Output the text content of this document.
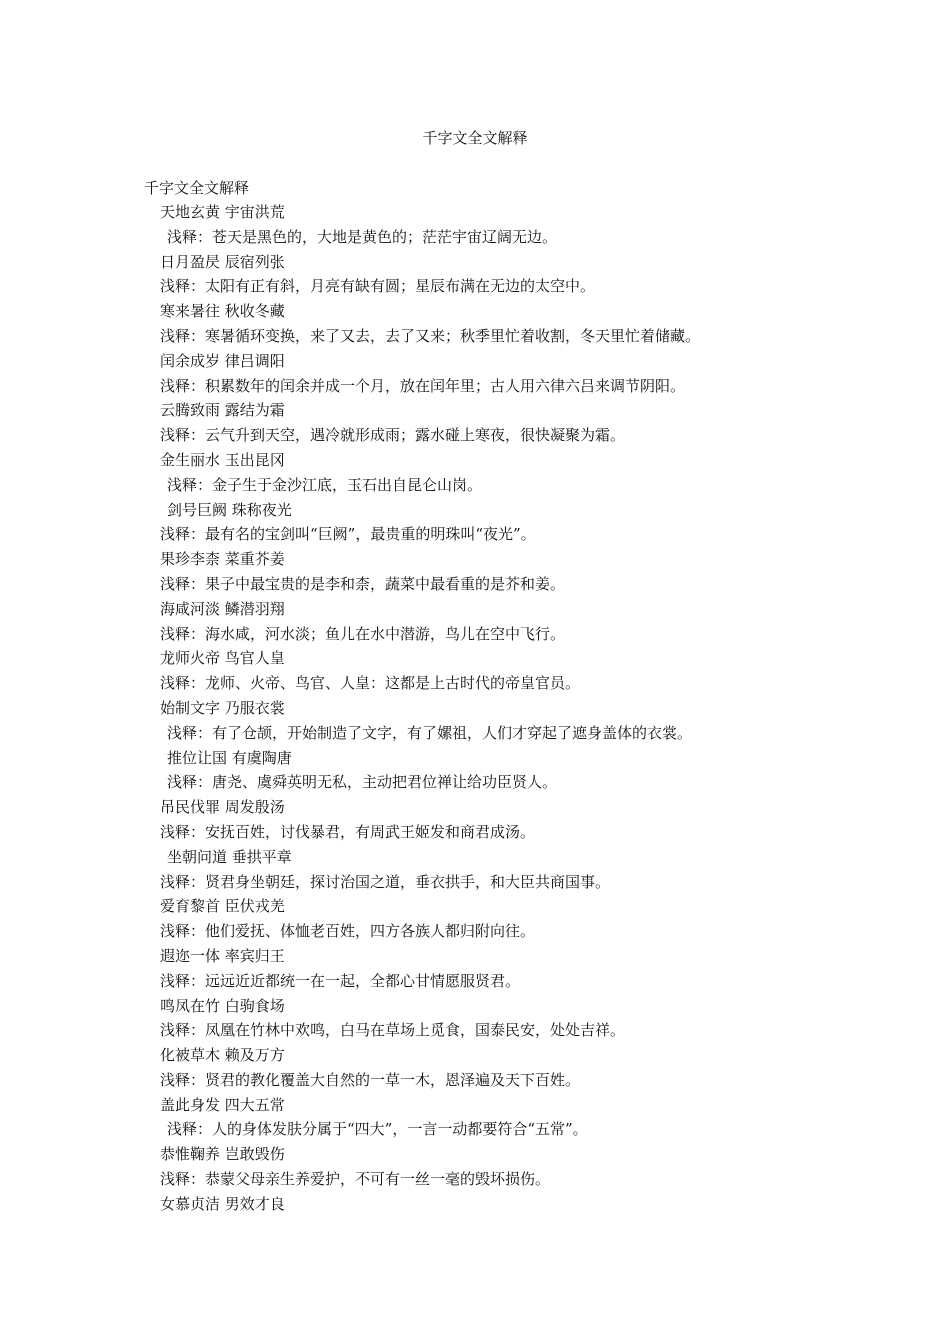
千字文全文解释
千字文全文解释
天地玄黄 宇宙洪荒
浅释：苍天是黑色的，大地是黄色的；茫茫宇宙辽阔无边。
日月盈昃 辰宿列张
浅释：太阳有正有斜，月亮有缺有圆；星辰布满在无边的太空中。
寒来暑往 秋收冬藏
浅释：寒暑循环变换，来了又去，去了又来；秋季里忙着收割，冬天里忙着储藏。
闰余成岁 律吕调阳
浅释：积累数年的闰余并成一个月，放在闰年里；古人用六律六吕来调节阴阳。
云腾致雨 露结为霜
浅释：云气升到天空，遇冷就形成雨；露水碰上寒夜，很快凝聚为霜。
金生丽水 玉出昆冈
浅释：金子生于金沙江底，玉石出自昆仑山岗。
剑号巨阙 珠称夜光
浅释：最有名的宝剑叫“巨阙”，最贵重的明珠叫“夜光”。
果珍李柰 菜重芥姜
浅释：果子中最宝贵的是李和柰，蔬菜中最看重的是芥和姜。
海咸河淡 鳞潜羽翔
浅释：海水咸，河水淡；鱼儿在水中潜游，鸟儿在空中飞行。
龙师火帝 鸟官人皇
浅释：龙师、火帝、鸟官、人皇：这都是上古时代的帝皇官员。
始制文字 乃服衣裳
浅释：有了仓颉，开始制造了文字，有了嫘祖，人们才穿起了遮身盖体的衣裳。
推位让国 有虞陶唐
浅释：唐尧、虞舜英明无私，主动把君位禅让给功臣贤人。
吊民伐罪 周发殷汤
浅释：安抚百姓，讨伐暴君，有周武王姬发和商君成汤。
坐朝问道 垂拱平章
浅释：贤君身坐朝廷，探讨治国之道，垂衣拱手，和大臣共商国事。
爱育黎首 臣伏戎羌
浅释：他们爱抚、体恤老百姓，四方各族人都归附向往。
遐迩一体 率宾归王
浅释：远远近近都统一在一起，全都心甘情愿服贤君。
鸣凤在竹 白驹食场
浅释：凤凰在竹林中欢鸣，白马在草场上觅食，国泰民安，处处吉祥。
化被草木 赖及万方
浅释：贤君的教化覆盖大自然的一草一木，恩泽遍及天下百姓。
盖此身发 四大五常
浅释：人的身体发肤分属于“四大”，一言一动都要符合“五常”。
恭惟鞠养 岂敢毁伤
浅释：恭蒙父母亲生养爱护，不可有一丝一毫的毁坏损伤。
女慕贞洁 男效才良
